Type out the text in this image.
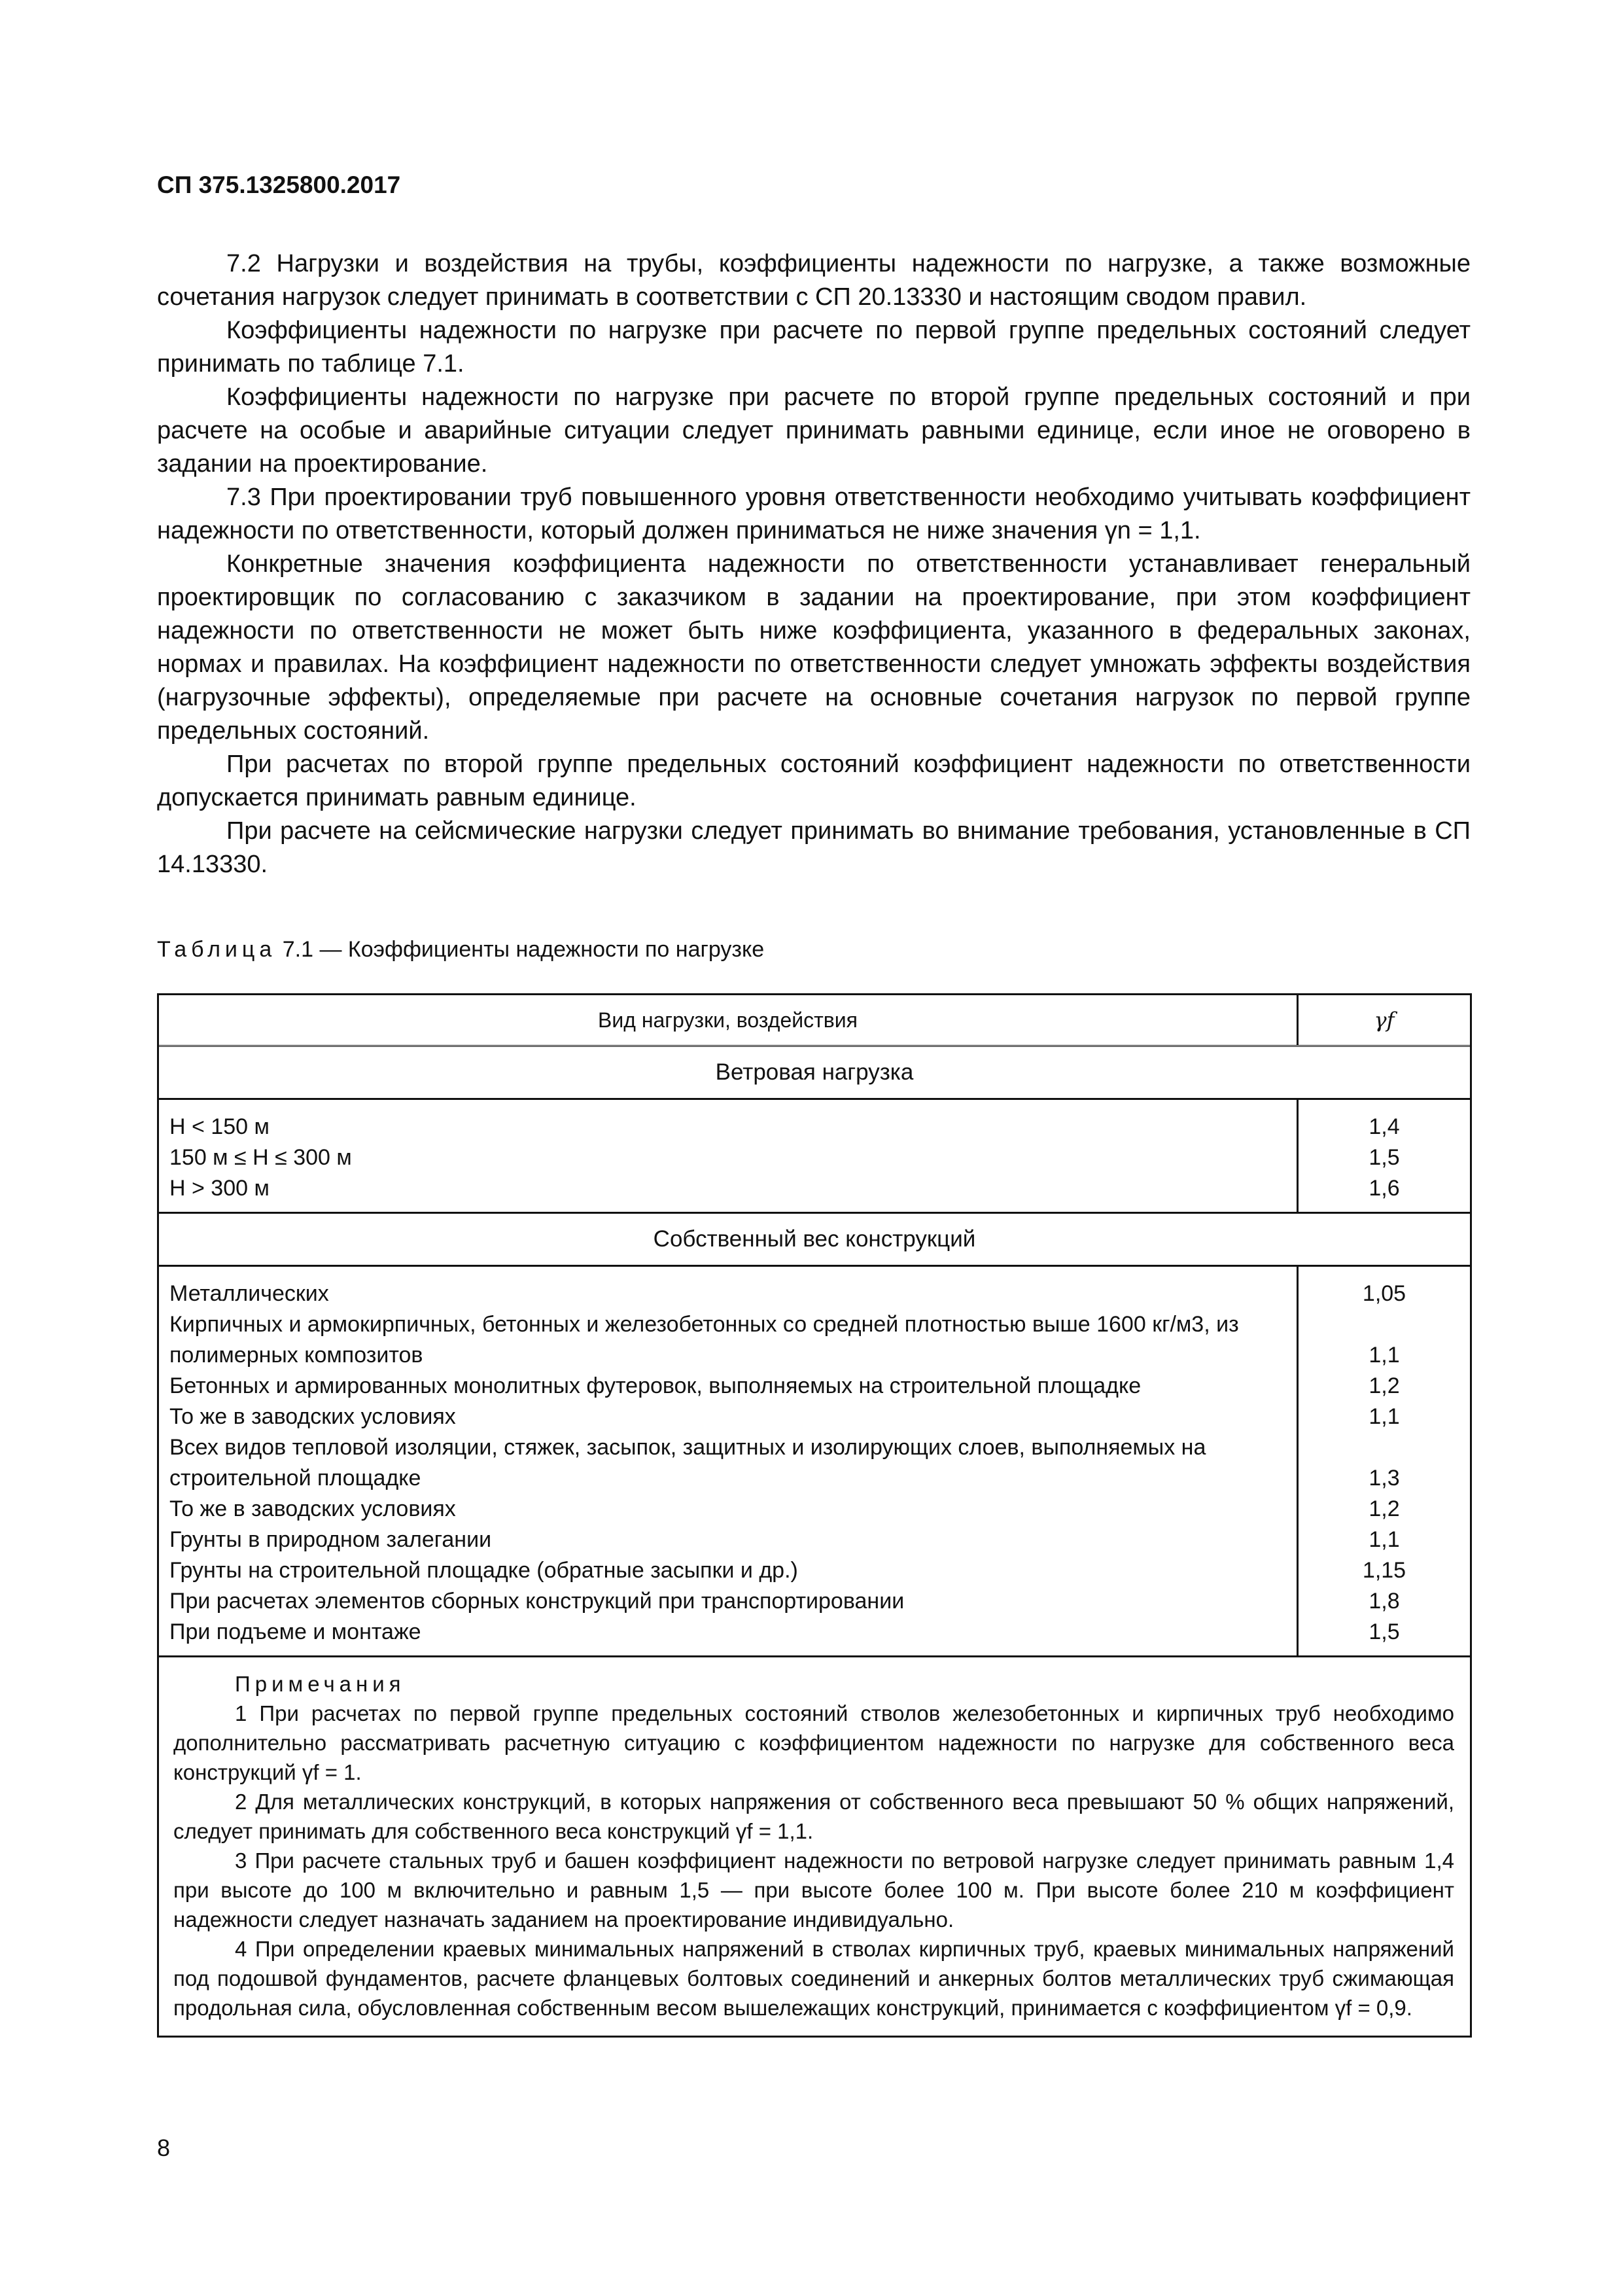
СП 375.1325800.2017

7.2 Нагрузки и воздействия на трубы, коэффициенты надежности по нагрузке, а также возможные сочетания нагрузок следует принимать в соответствии с СП 20.13330 и настоящим сводом правил.

Коэффициенты надежности по нагрузке при расчете по первой группе предельных состояний следует принимать по таблице 7.1.

Коэффициенты надежности по нагрузке при расчете по второй группе предельных состояний и при расчете на особые и аварийные ситуации следует принимать равными единице, если иное не оговорено в задании на проектирование.

7.3 При проектировании труб повышенного уровня ответственности необходимо учитывать коэффициент надежности по ответственности, который должен приниматься не ниже значения γn = 1,1.

Конкретные значения коэффициента надежности по ответственности устанавливает генеральный проектировщик по согласованию с заказчиком в задании на проектирование, при этом коэффициент надежности по ответственности не может быть ниже коэффициента, указанного в федеральных законах, нормах и правилах. На коэффициент надежности по ответственности следует умножать эффекты воздействия (нагрузочные эффекты), определяемые при расчете на основные сочетания нагрузок по первой группе предельных состояний.

При расчетах по второй группе предельных состояний коэффициент надежности по ответственности допускается принимать равным единице.

При расчете на сейсмические нагрузки следует принимать во внимание требования, установленные в СП 14.13330.

Таблица 7.1 — Коэффициенты надежности по нагрузке

Вид нагрузки, воздействия	γf
Ветровая нагрузка	
H < 150 м	1,4
150 м ≤ H ≤ 300 м	1,5
H > 300 м	1,6
Собственный вес конструкций	
Металлических	1,05
Кирпичных и армокирпичных, бетонных и железобетонных со средней плотностью выше 1600 кг/м3, из полимерных композитов	1,1
Бетонных и армированных монолитных футеровок, выполняемых на строительной площадке	1,2
То же в заводских условиях	1,1
Всех видов тепловой изоляции, стяжек, засыпок, защитных и изолирующих слоев, выполняемых на строительной площадке	1,3
То же в заводских условиях	1,2
Грунты в природном залегании	1,1
Грунты на строительной площадке (обратные засыпки и др.)	1,15
При расчетах элементов сборных конструкций при транспортировании	1,8
При подъеме и монтаже	1,5

Примечания

1 При расчетах по первой группе предельных состояний стволов железобетонных и кирпичных труб необходимо дополнительно рассматривать расчетную ситуацию с коэффициентом надежности по нагрузке для собственного веса конструкций γf = 1.

2 Для металлических конструкций, в которых напряжения от собственного веса превышают 50 % общих напряжений, следует принимать для собственного веса конструкций γf = 1,1.

3 При расчете стальных труб и башен коэффициент надежности по ветровой нагрузке следует принимать равным 1,4 при высоте до 100 м включительно и равным 1,5 — при высоте более 100 м. При высоте более 210 м коэффициент надежности следует назначать заданием на проектирование индивидуально.

4 При определении краевых минимальных напряжений в стволах кирпичных труб, краевых минимальных напряжений под подошвой фундаментов, расчете фланцевых болтовых соединений и анкерных болтов металлических труб сжимающая продольная сила, обусловленная собственным весом вышележащих конструкций, принимается с коэффициентом γf = 0,9.	

8
